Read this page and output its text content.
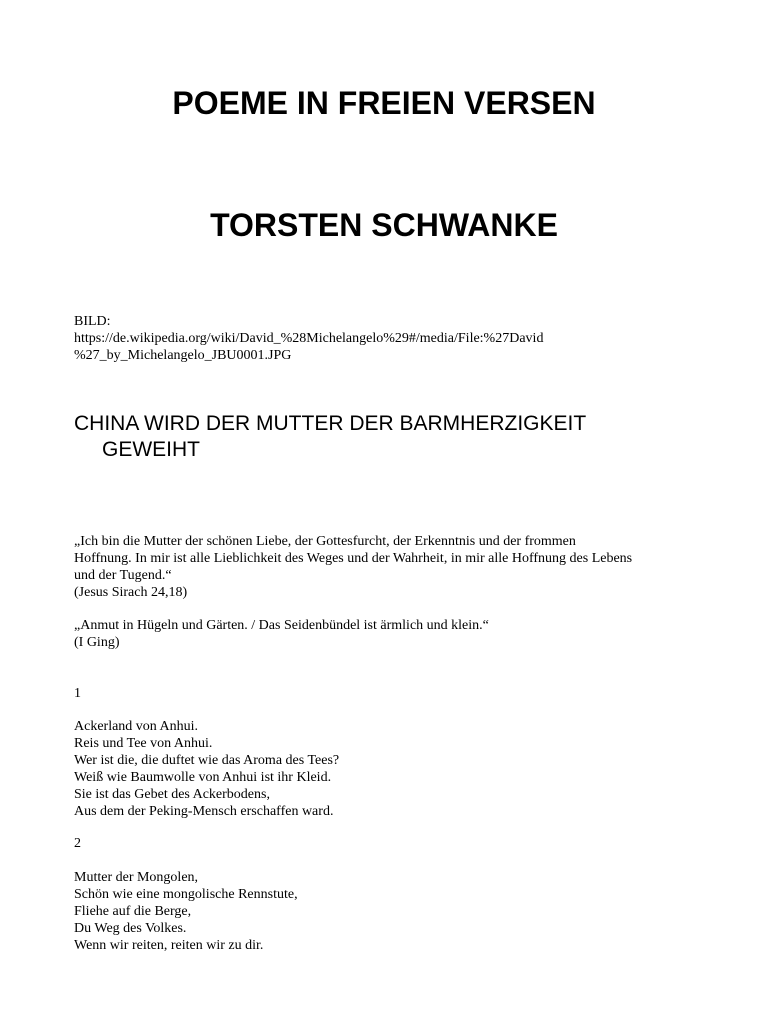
POEME IN FREIEN VERSEN
TORSTEN SCHWANKE
BILD:
https://de.wikipedia.org/wiki/David_%28Michelangelo%29#/media/File:%27David
%27_by_Michelangelo_JBU0001.JPG
CHINA WIRD DER MUTTER DER BARMHERZIGKEIT
GEWEIHT
„Ich bin die Mutter der schönen Liebe, der Gottesfurcht, der Erkenntnis und der frommen
Hoffnung. In mir ist alle Lieblichkeit des Weges und der Wahrheit, in mir alle Hoffnung des Lebens
und der Tugend.“
(Jesus Sirach 24,18)
„Anmut in Hügeln und Gärten. / Das Seidenbündel ist ärmlich und klein.“
(I Ging)
1
Ackerland von Anhui.
Reis und Tee von Anhui.
Wer ist die, die duftet wie das Aroma des Tees?
Weiß wie Baumwolle von Anhui ist ihr Kleid.
Sie ist das Gebet des Ackerbodens,
Aus dem der Peking-Mensch erschaffen ward.
2
Mutter der Mongolen,
Schön wie eine mongolische Rennstute,
Fliehe auf die Berge,
Du Weg des Volkes.
Wenn wir reiten, reiten wir zu dir.
